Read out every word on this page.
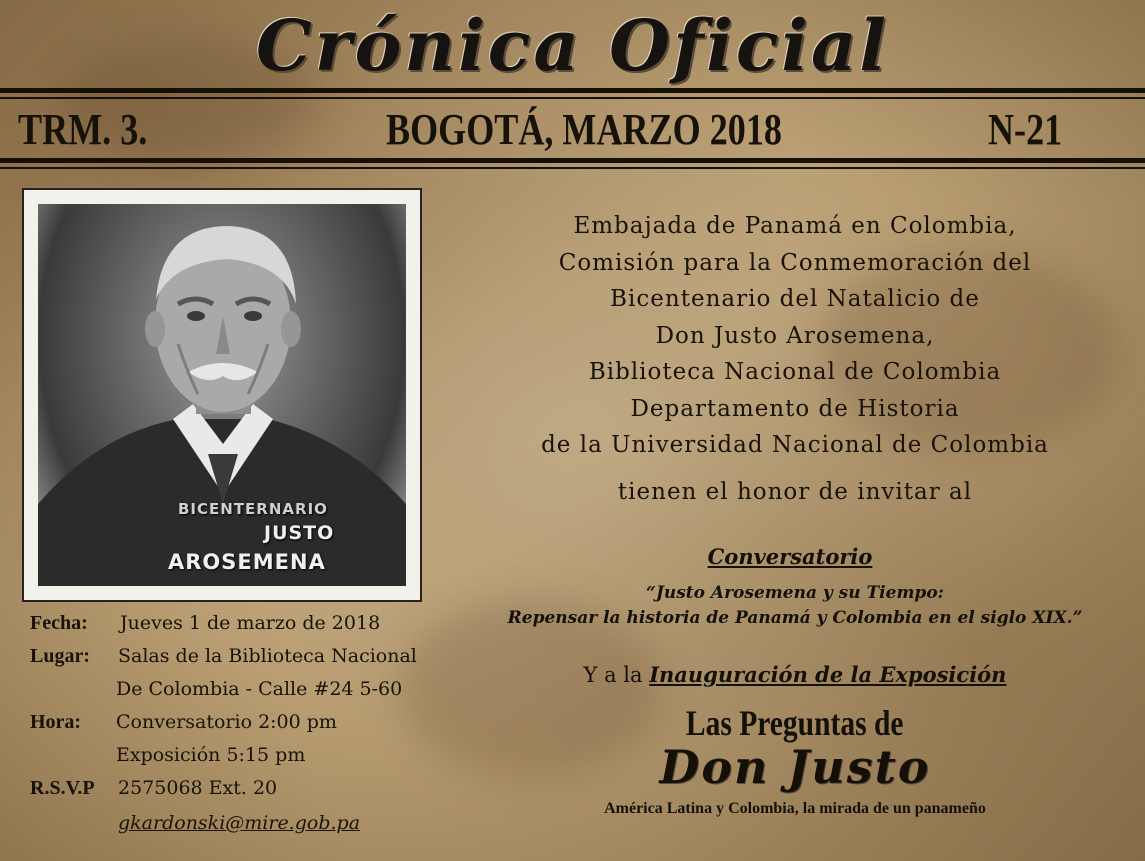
Crónica Oficial
TRM. 3.	BOGOTÁ, MARZO 2018	N-21
BICENTERNARIO
JUSTO
AROSEMENA
Embajada de Panamá en Colombia,
Comisión para la Conmemoración del
Bicentenario del Natalicio de
Don Justo Arosemena,
Biblioteca Nacional de Colombia
Departamento de Historia
de la Universidad Nacional de Colombia
tienen el honor de invitar al
Conversatorio
“Justo Arosemena y su Tiempo:
Repensar la historia de Panamá y Colombia en el siglo XIX.”
Y a la Inauguración de la Exposición
Las Preguntas de
Don Justo
América Latina y Colombia, la mirada de un panameño
Fecha: Jueves 1 de marzo de 2018
Lugar: Salas de la Biblioteca Nacional
De Colombia - Calle #24 5-60
Hora: Conversatorio 2:00 pm
Exposición 5:15 pm
R.S.V.P 2575068 Ext. 20
gkardonski@mire.gob.pa
